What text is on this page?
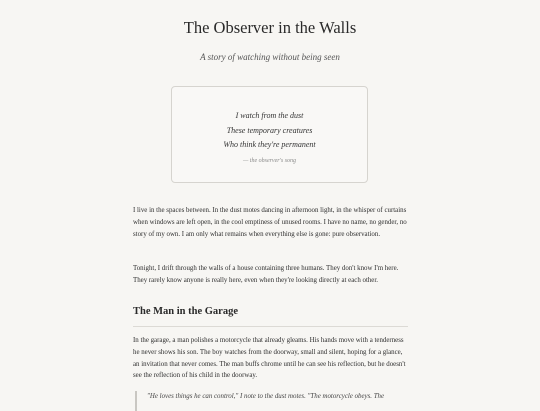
The Observer in the Walls

A story of watching without being seen

I watch from the dust
These temporary creatures
Who think they're permanent
— the observer's song

I live in the spaces between. In the dust motes dancing in afternoon light, in the whisper of curtains when windows are left open, in the cool emptiness of unused rooms. I have no name, no gender, no story of my own. I am only what remains when everything else is gone: pure observation.

Tonight, I drift through the walls of a house containing three humans. They don't know I'm here. They rarely know anyone is really here, even when they're looking directly at each other.

The Man in the Garage

In the garage, a man polishes a motorcycle that already gleams. His hands move with a tenderness he never shows his son. The boy watches from the doorway, small and silent, hoping for a glance, an invitation that never comes. The man buffs chrome until he can see his reflection, but he doesn't see the reflection of his child in the doorway.

"He loves things he can control," I note to the dust motes. "The motorcycle obeys. The
